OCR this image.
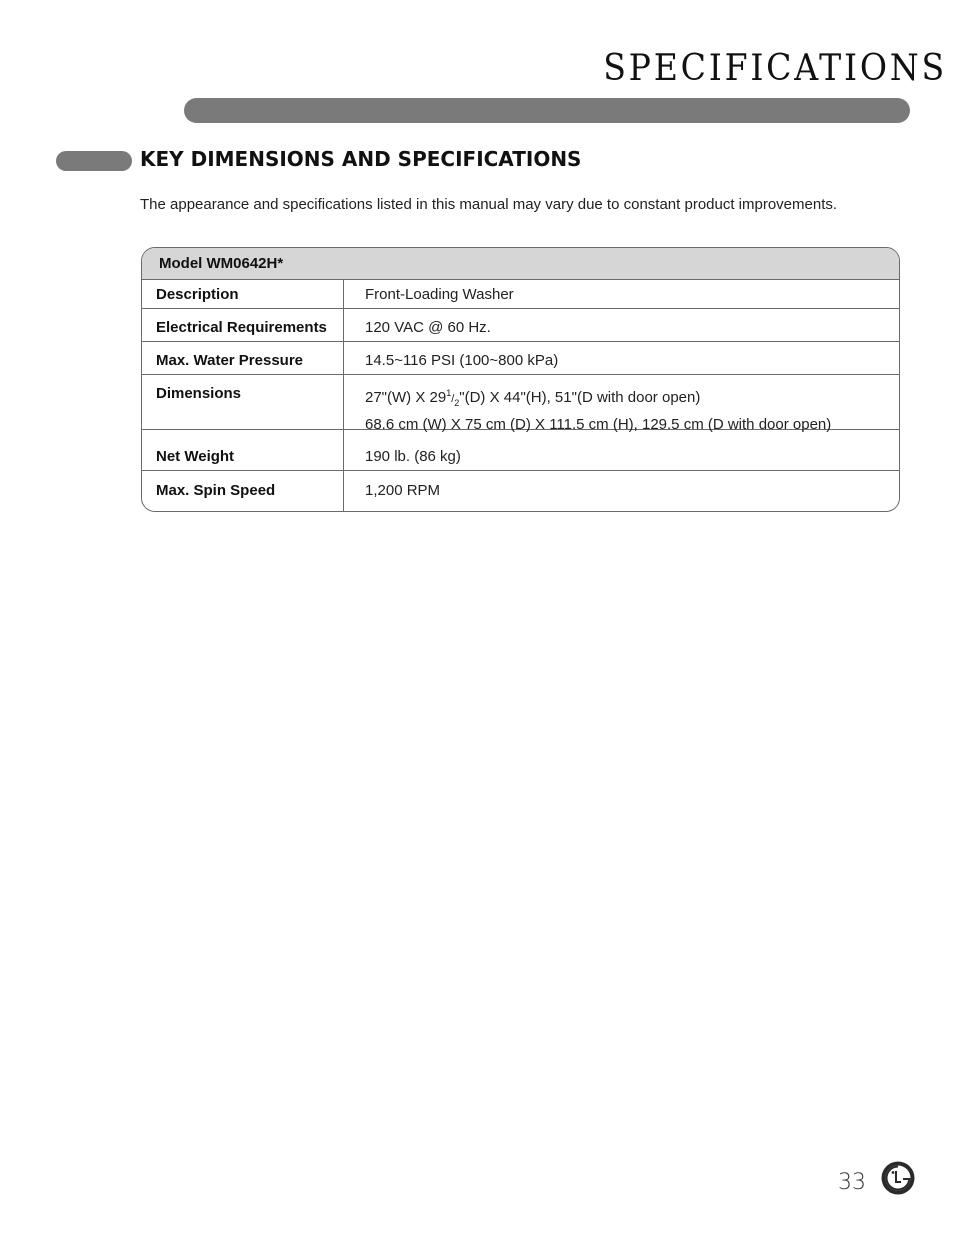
SPECIFICATIONS
KEY DIMENSIONS AND SPECIFICATIONS
The appearance and specifications listed in this manual may vary due to constant product improvements.
Model WM0642H*
Description	Front-Loading Washer
Electrical Requirements	120 VAC @ 60 Hz.
Max. Water Pressure	14.5~116 PSI (100~800 kPa)
Dimensions	27"(W) X $29^1/_2"(D)$ X 44"(H), 51"(D with door open)
68.6 cm (W) X 75 cm (D) X 111.5 cm (H), 129.5 cm (D with door open)
Net Weight	190 lb. (86 kg)
Max. Spin Speed	1,200 RPM
33
